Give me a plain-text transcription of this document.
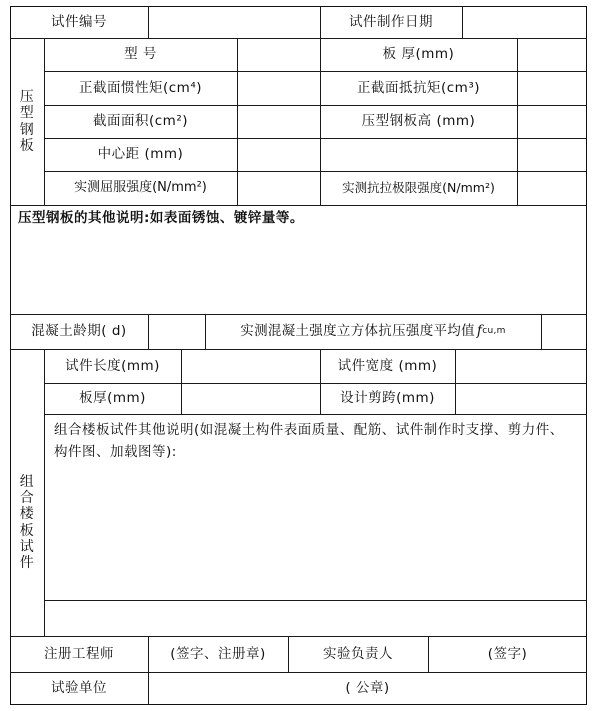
试件编号	试件制作日期
压
型
钢
板
型 号	板 厚(mm)
正截面惯性矩(cm⁴)	正截面抵抗矩(cm³)
截面面积(cm²)	压型钢板高 (mm)
中心距 (mm)
实测屈服强度(N/mm²)	实测抗拉极限强度(N/mm²)
压型钢板的其他说明:如表面锈蚀、镀锌量等。
混凝土龄期( d)	实测混凝土强度立方体抗压强度平均值 f cu,m
组
合
楼
板
试
件
试件长度(mm)	试件宽度 (mm)
板厚(mm)	设计剪跨(mm)
组合楼板试件其他说明(如混凝土构件表面质量、配筋、试件制作时支撑、剪力件、构件图、加载图等):
注册工程师	(签字、注册章)	实验负责人	(签字)
试验单位	( 公章)
